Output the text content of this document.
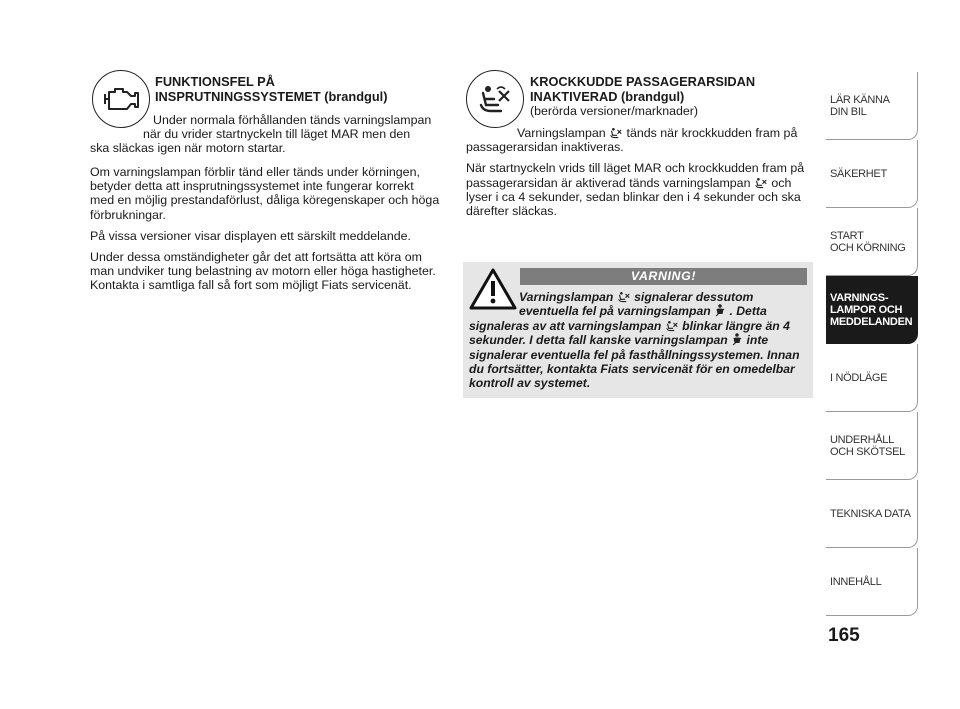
FUNKTIONSFEL PÅ
INSPRUTNINGSSYSTEMET (brandgul)
Under normala förhållanden tänds varningslampan
när du vrider startnyckeln till läget MAR men den
ska släckas igen när motorn startar.

Om varningslampan förblir tänd eller tänds under körningen, betyder detta att insprutningssystemet inte fungerar korrekt med en möjlig prestandaförlust, dåliga köregenskaper och höga förbrukningar.

På vissa versioner visar displayen ett särskilt meddelande.

Under dessa omständigheter går det att fortsätta att köra om man undviker tung belastning av motorn eller höga hastigheter. Kontakta i samtliga fall så fort som möjligt Fiats servicenät.

KROCKKUDDE PASSAGERARSIDAN
INAKTIVERAD (brandgul)
(berörda versioner/marknader)

Varningslampan tänds när krockkudden fram på passagerarsidan inaktiveras.

När startnyckeln vrids till läget MAR och krockkudden fram på passagerarsidan är aktiverad tänds varningslampan och lyser i ca 4 sekunder, sedan blinkar den i 4 sekunder och ska därefter släckas.

VARNING!
Varningslampan signalerar dessutom
eventuella fel på varningslampan . Detta
signaleras av att varningslampan blinkar längre än 4 sekunder. I detta fall kanske varningslampan inte signalerar eventuella fel på fasthållningssystemen. Innan du fortsätter, kontakta Fiats servicenät för en omedelbar kontroll av systemet.
LÄR KÄNNA
DIN BIL
SÄKERHET
START
OCH KÖRNING
VARNINGS-
LAMPOR OCH
MEDDELANDEN
I NÖDLÄGE
UNDERHÅLL
OCH SKÖTSEL
TEKNISKA DATA
INNEHÅLL
165
